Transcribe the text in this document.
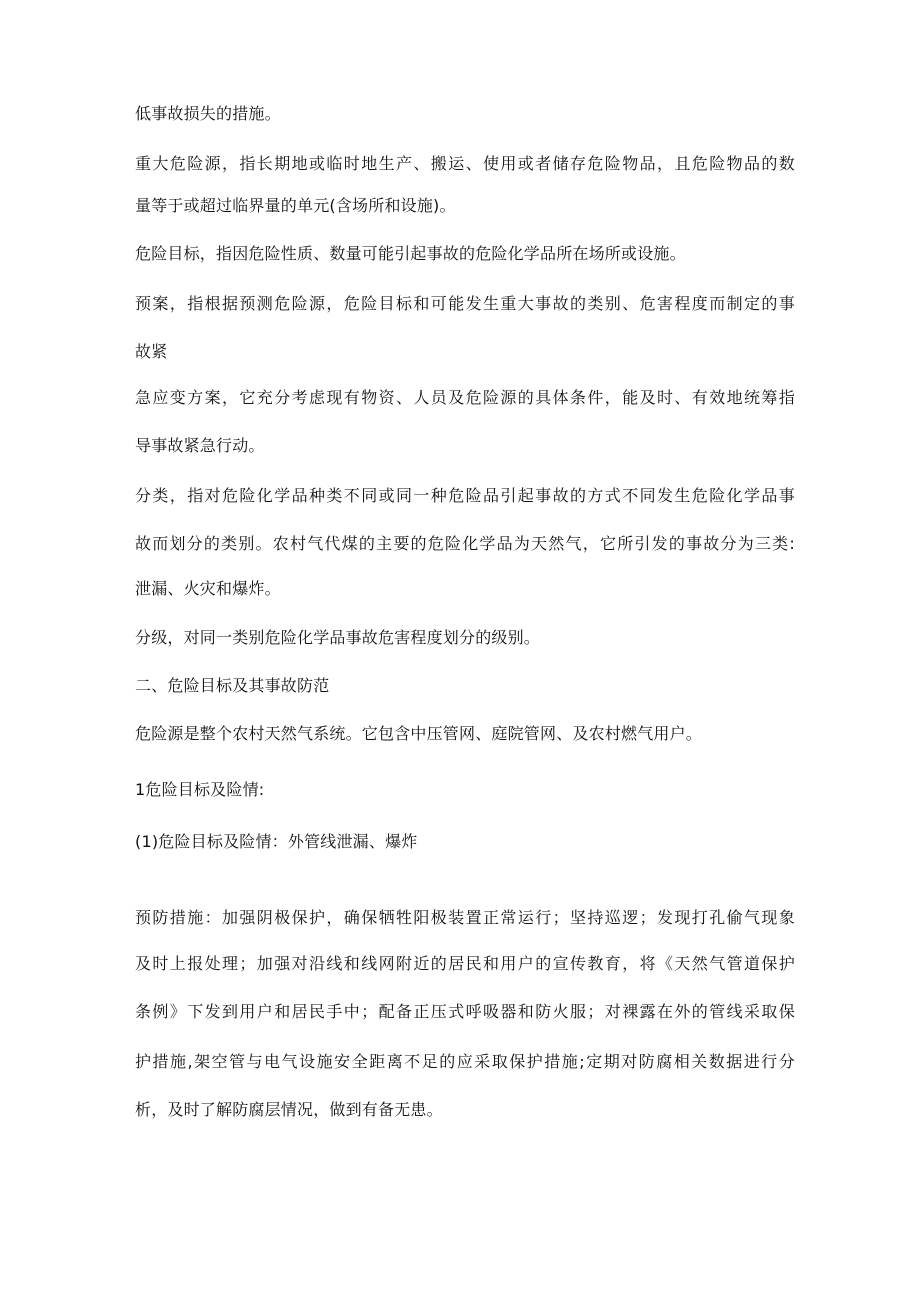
低事故损失的措施。
重大危险源，指长期地或临时地生产、搬运、使用或者储存危险物品，且危险物品的数
量等于或超过临界量的单元(含场所和设施)。
危险目标，指因危险性质、数量可能引起事故的危险化学品所在场所或设施。
预案，指根据预测危险源，危险目标和可能发生重大事故的类别、危害程度而制定的事
故紧
急应变方案，它充分考虑现有物资、人员及危险源的具体条件，能及时、有效地统筹指
导事故紧急行动。
分类，指对危险化学品种类不同或同一种危险品引起事故的方式不同发生危险化学品事
故而划分的类别。农村气代煤的主要的危险化学品为天然气，它所引发的事故分为三类:
泄漏、火灾和爆炸。
分级，对同一类别危险化学品事故危害程度划分的级别。
二、危险目标及其事故防范
危险源是整个农村天然气系统。它包含中压管网、庭院管网、及农村燃气用户。
1危险目标及险情:
(1)危险目标及险情：外管线泄漏、爆炸
预防措施：加强阴极保护，确保牺牲阳极装置正常运行；坚持巡逻；发现打孔偷气现象
及时上报处理；加强对沿线和线网附近的居民和用户的宣传教育，将《天然气管道保护
条例》下发到用户和居民手中；配备正压式呼吸器和防火服；对裸露在外的管线采取保
护措施,架空管与电气设施安全距离不足的应采取保护措施;定期对防腐相关数据进行分
析，及时了解防腐层情况，做到有备无患。
